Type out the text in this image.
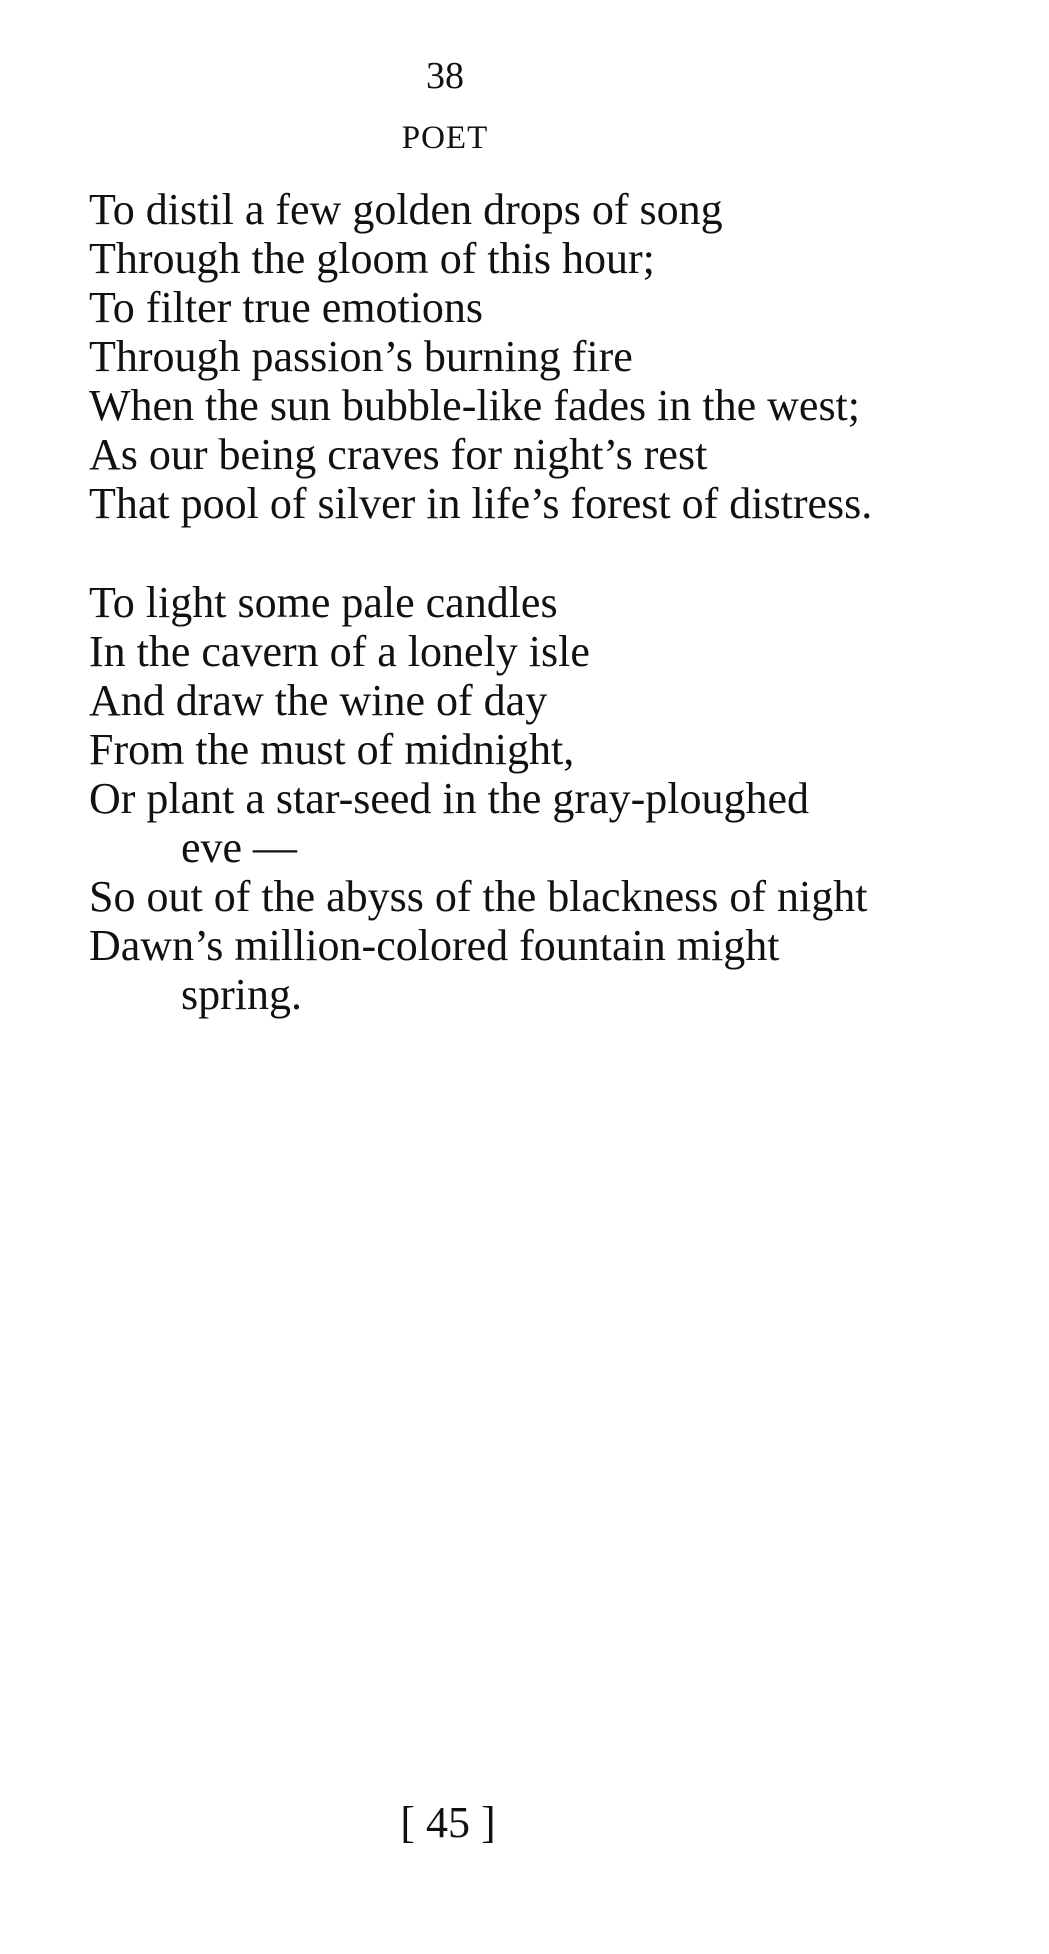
38
POET
To distil a few golden drops of song
Through the gloom of this hour;
To filter true emotions
Through passion’s burning fire
When the sun bubble-like fades in the west;
As our being craves for night’s rest
That pool of silver in life’s forest of distress.
To light some pale candles
In the cavern of a lonely isle
And draw the wine of day
From the must of midnight,
Or plant a star-seed in the gray-ploughed
eve —
So out of the abyss of the blackness of night
Dawn’s million-colored fountain might
spring.
[ 45 ]
